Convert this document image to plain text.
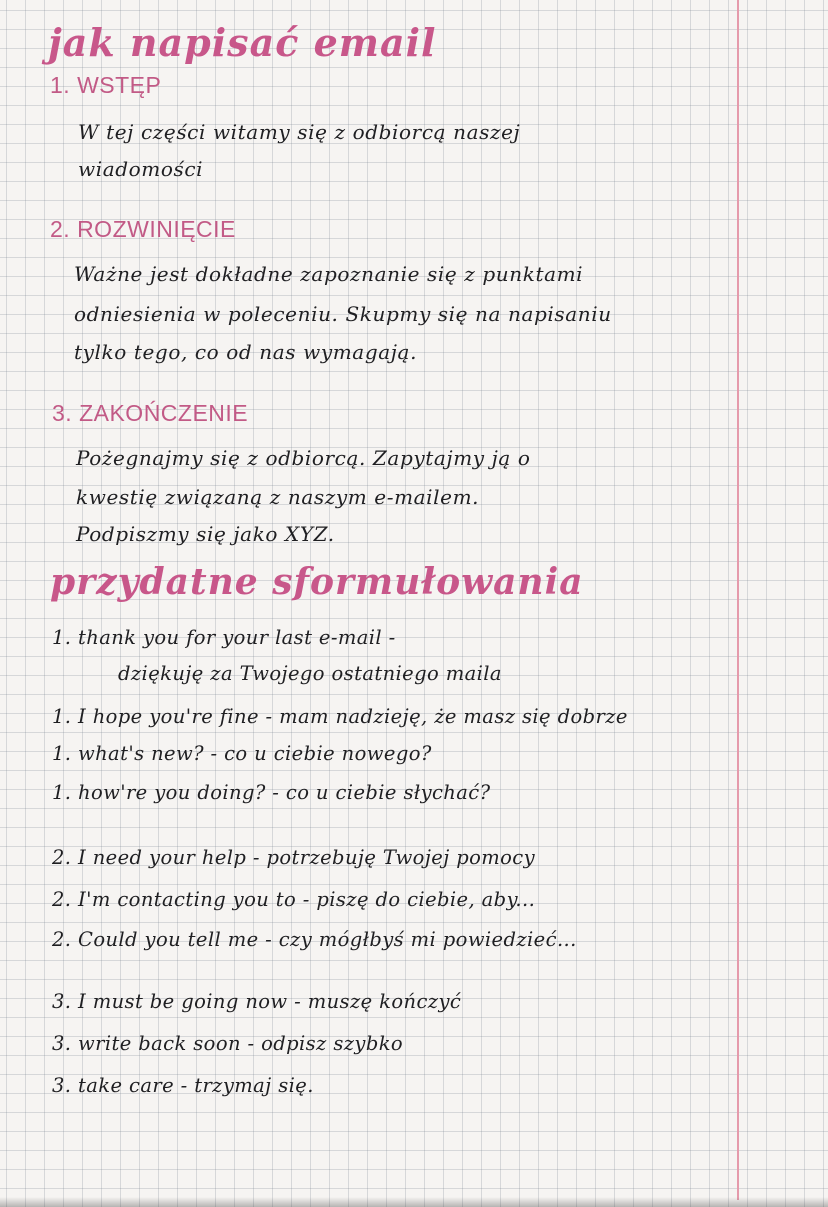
jak napisać email
1. WSTĘP
W tej części witamy się z odbiorcą naszej
wiadomości
2. ROZWINIĘCIE
Ważne jest dokładne zapoznanie się z punktami
odniesienia w poleceniu. Skupmy się na napisaniu
tylko tego, co od nas wymagają.
3. ZAKOŃCZENIE
Pożegnajmy się z odbiorcą. Zapytajmy ją o
kwestię związaną z naszym e-mailem.
Podpiszmy się jako XYZ.
przydatne sformułowania
1. thank you for your last e-mail -
dziękuję za Twojego ostatniego maila
1. I hope you're fine - mam nadzieję, że masz się dobrze
1. what's new? - co u ciebie nowego?
1. how're you doing? - co u ciebie słychać?
2. I need your help - potrzebuję Twojej pomocy
2. I'm contacting you to - piszę do ciebie, aby...
2. Could you tell me - czy mógłbyś mi powiedzieć...
3. I must be going now - muszę kończyć
3. write back soon - odpisz szybko
3. take care - trzymaj się.
